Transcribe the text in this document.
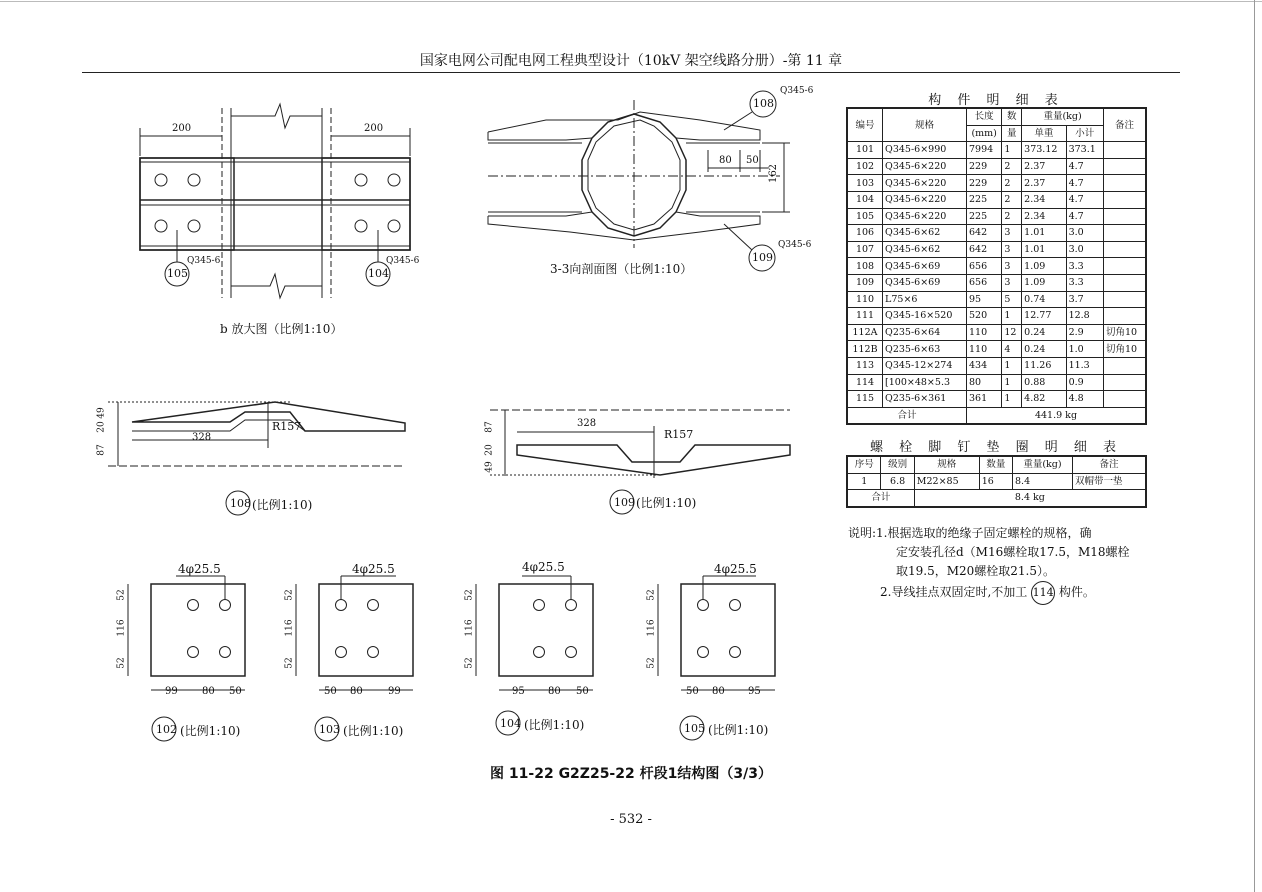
国家电网公司配电网工程典型设计（10kV 架空线路分册）-第 11 章
200	200
Q345-6	Q345-6
105	104
b 放大图（比例1:10）
108
Q345-6
109
Q345-6
80 50
162
3-3向剖面图（比例1:10）
328
R157
49
20
87
108 (比例1:10)
328
R157
87
20
49
109 (比例1:10)
4φ25.5
99 80 50
52
116
52
102 (比例1:10)
4φ25.5
50 80	99
52
116
52
103 (比例1:10)
4φ25.5
95 80 50
52
116
52
104 (比例1:10)
4φ25.5
50 80 95
52
116
52
105 (比例1:10)
构 件 明 细 表
编号	规格	长度	数	重量(kg)		备注
		(mm)	量	单重	小计	
101	Q345-6×990	7994	1	373.12	373.1	
102	Q345-6×220	229	2	2.37	4.7	
103	Q345-6×220	229	2	2.37	4.7	
104	Q345-6×220	225	2	2.34	4.7	
105	Q345-6×220	225	2	2.34	4.7	
106	Q345-6×62	642	3	1.01	3.0	
107	Q345-6×62	642	3	1.01	3.0	
108	Q345-6×69	656	3	1.09	3.3	
109	Q345-6×69	656	3	1.09	3.3	
110	L75×6	95	5	0.74	3.7	
111	Q345-16×520	520	1	12.77	12.8	
112A	Q235-6×64	110	12	0.24	2.9	切角10
112B	Q235-6×63	110	4	0.24	1.0	切角10
113	Q345-12×274	434	1	11.26	11.3	
114	[100×48×5.3	80	1	0.88	0.9	
115	Q235-6×361	361	1	4.82	4.8	
合计		441.9 kg				
螺 栓 脚 钉 垫 圈 明 细 表
序号	级别	规格	数量	重量(kg)	备注
1	6.8	M22×85	16	8.4	双帽带一垫
合计		8.4 kg			
说明:1.根据选取的绝缘子固定螺栓的规格，确
定安装孔径d（M16螺栓取17.5，M18螺栓
取19.5，M20螺栓取21.5）。
2.导线挂点双固定时,不加工 114 构件。
图 11-22 G2Z25-22 杆段1结构图（3/3）
- 532 -
